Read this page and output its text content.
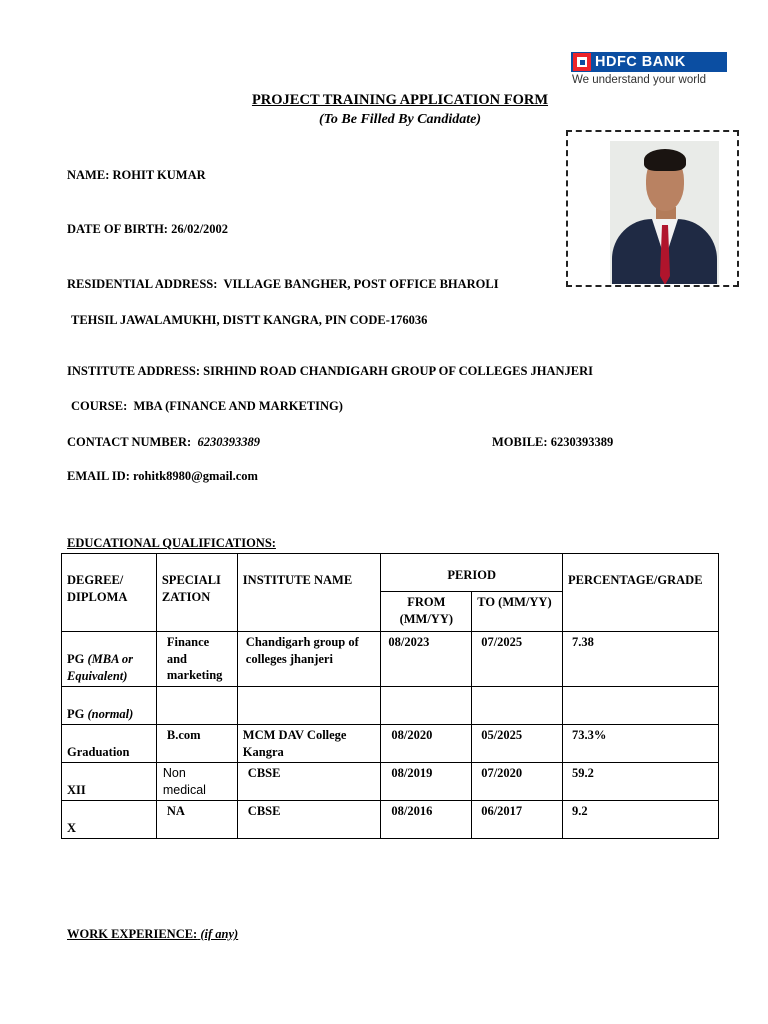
HDFC BANK
We understand your world
PROJECT TRAINING APPLICATION FORM
(To Be Filled By Candidate)
NAME: ROHIT KUMAR
DATE OF BIRTH: 26/02/2002
RESIDENTIAL ADDRESS: VILLAGE BANGHER, POST OFFICE BHAROLI
TEHSIL JAWALAMUKHI, DISTT KANGRA, PIN CODE-176036
INSTITUTE ADDRESS: SIRHIND ROAD CHANDIGARH GROUP OF COLLEGES JHANJERI
COURSE: MBA (FINANCE AND MARKETING)
CONTACT NUMBER: 6230393389	MOBILE: 6230393389
EMAIL ID: rohitk8980@gmail.com
EDUCATIONAL QUALIFICATIONS:
DEGREE/ DIPLOMA	SPECIALI ZATION	INSTITUTE NAME	PERIOD		PERCENTAGE/GRADE
			FROM (MM/YY)	TO (MM/YY)	
PG (MBA or Equivalent)	Finance and marketing	Chandigarh group of colleges jhanjeri	08/2023	07/2025	7.38
PG (normal)					
Graduation	B.com	MCM DAV College Kangra	08/2020	05/2025	73.3%
XII	Non medical	CBSE	08/2019	07/2020	59.2
X	NA	CBSE	08/2016	06/2017	9.2
WORK EXPERIENCE: (if any)
